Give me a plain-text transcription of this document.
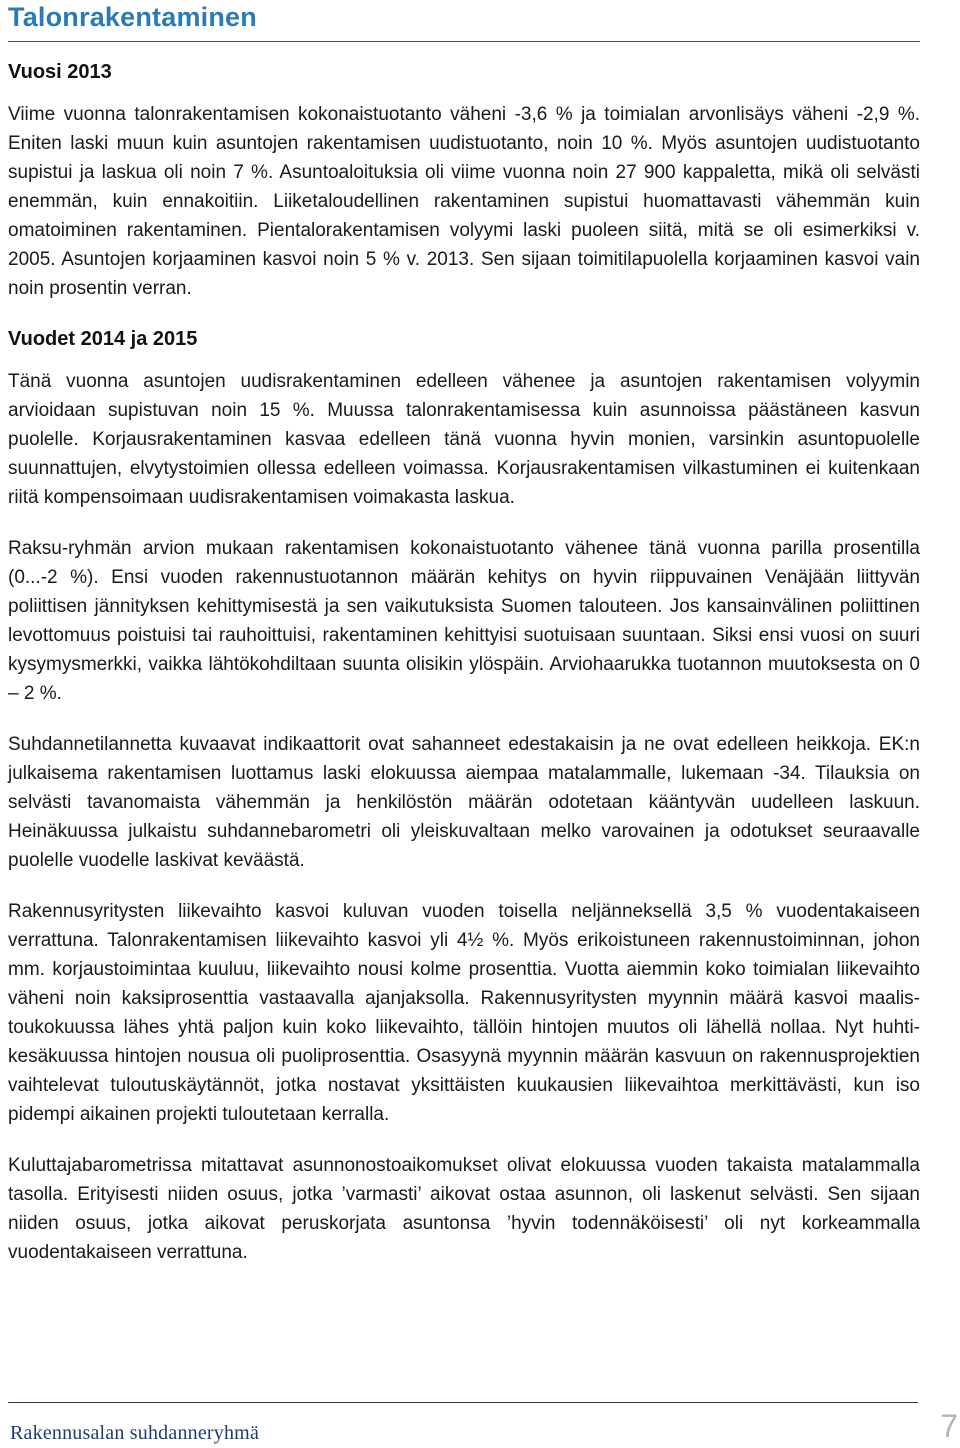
Talonrakentaminen
Vuosi 2013

Viime vuonna talonrakentamisen kokonaistuotanto väheni -3,6 % ja toimialan arvonlisäys väheni -2,9 %. Eniten laski muun kuin asuntojen rakentamisen uudistuotanto, noin 10 %. Myös asuntojen uudistuotanto supistui ja laskua oli noin 7 %. Asuntoaloituksia oli viime vuonna noin 27 900 kappaletta, mikä oli selvästi enemmän, kuin ennakoitiin. Liiketaloudellinen rakentaminen supistui huomattavasti vähemmän kuin omatoiminen rakentaminen. Pientalorakentamisen volyymi laski puoleen siitä, mitä se oli esimerkiksi v. 2005. Asuntojen korjaaminen kasvoi noin 5 % v. 2013. Sen sijaan toimitilapuolella korjaaminen kasvoi vain noin prosentin verran.

Vuodet 2014 ja 2015

Tänä vuonna asuntojen uudisrakentaminen edelleen vähenee ja asuntojen rakentamisen volyymin arvioidaan supistuvan noin 15 %. Muussa talonrakentamisessa kuin asunnoissa päästäneen kasvun puolelle. Korjausrakentaminen kasvaa edelleen tänä vuonna hyvin monien, varsinkin asuntopuolelle suunnattujen, elvytystoimien ollessa edelleen voimassa. Korjausrakentamisen vilkastuminen ei kuitenkaan riitä kompensoimaan uudisrakentamisen voimakasta laskua.

Raksu-ryhmän arvion mukaan rakentamisen kokonaistuotanto vähenee tänä vuonna parilla prosentilla (0...-2 %). Ensi vuoden rakennustuotannon määrän kehitys on hyvin riippuvainen Venäjään liittyvän poliittisen jännityksen kehittymisestä ja sen vaikutuksista Suomen talouteen. Jos kansainvälinen poliittinen levottomuus poistuisi tai rauhoittuisi, rakentaminen kehittyisi suotuisaan suuntaan. Siksi ensi vuosi on suuri kysymysmerkki, vaikka lähtökohdiltaan suunta olisikin ylöspäin. Arviohaarukka tuotannon muutoksesta on 0 – 2 %.

Suhdannetilannetta kuvaavat indikaattorit ovat sahanneet edestakaisin ja ne ovat edelleen heikkoja. EK:n julkaisema rakentamisen luottamus laski elokuussa aiempaa matalammalle, lukemaan -34. Tilauksia on selvästi tavanomaista vähemmän ja henkilöstön määrän odotetaan kääntyvän uudelleen laskuun. Heinäkuussa julkaistu suhdannebarometri oli yleiskuvaltaan melko varovainen ja odotukset seuraavalle puolelle vuodelle laskivat keväästä.

Rakennusyritysten liikevaihto kasvoi kuluvan vuoden toisella neljänneksellä 3,5 % vuodentakaiseen verrattuna. Talonrakentamisen liikevaihto kasvoi yli 4½ %. Myös erikoistuneen rakennustoiminnan, johon mm. korjaustoimintaa kuuluu, liikevaihto nousi kolme prosenttia. Vuotta aiemmin koko toimialan liikevaihto väheni noin kaksiprosenttia vastaavalla ajanjaksolla. Rakennusyritysten myynnin määrä kasvoi maalis-toukokuussa lähes yhtä paljon kuin koko liikevaihto, tällöin hintojen muutos oli lähellä nollaa. Nyt huhti-kesäkuussa hintojen nousua oli puoliprosenttia. Osasyynä myynnin määrän kasvuun on rakennusprojektien vaihtelevat tuloutuskäytännöt, jotka nostavat yksittäisten kuukausien liikevaihtoa merkittävästi, kun iso pidempi aikainen projekti tuloutetaan kerralla.

Kuluttajabarometrissa mitattavat asunnonostoaikomukset olivat elokuussa vuoden takaista matalammalla tasolla. Erityisesti niiden osuus, jotka ’varmasti’ aikovat ostaa asunnon, oli laskenut selvästi. Sen sijaan niiden osuus, jotka aikovat peruskorjata asuntonsa ’hyvin todennäköisesti’ oli nyt korkeammalla vuodentakaiseen verrattuna.

Rakennusalan suhdanneryhmä	7
